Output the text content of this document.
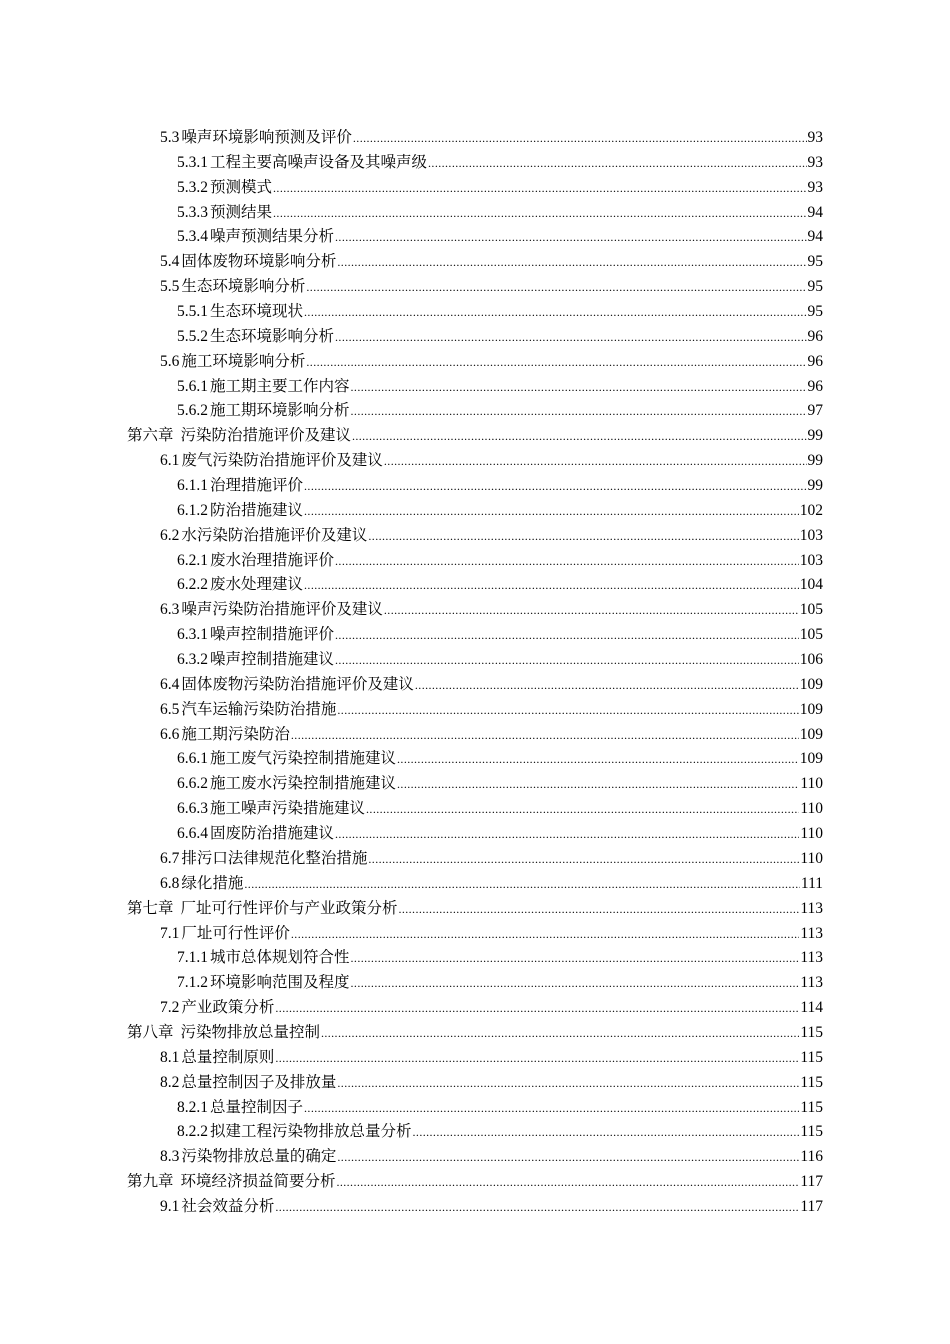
5.3 噪声环境影响预测及评价 .....	93
5.3.1 工程主要高噪声设备及其噪声级 .....	93
5.3.2 预测模式 .....	93
5.3.3 预测结果 .....	94
5.3.4 噪声预测结果分析 .....	94
5.4 固体废物环境影响分析 .....	95
5.5 生态环境影响分析 .....	95
5.5.1 生态环境现状 .....	95
5.5.2 生态环境影响分析 .....	96
5.6 施工环境影响分析 .....	96
5.6.1 施工期主要工作内容 .....	96
5.6.2 施工期环境影响分析 .....	97
第六章 污染防治措施评价及建议 .....	99
6.1 废气污染防治措施评价及建议 .....	99
6.1.1 治理措施评价 .....	99
6.1.2 防治措施建议 .....	102
6.2 水污染防治措施评价及建议 .....	103
6.2.1 废水治理措施评价 .....	103
6.2.2 废水处理建议 .....	104
6.3 噪声污染防治措施评价及建议 .....	105
6.3.1 噪声控制措施评价 .....	105
6.3.2 噪声控制措施建议 .....	106
6.4 固体废物污染防治措施评价及建议 .....	109
6.5 汽车运输污染防治措施 .....	109
6.6 施工期污染防治 .....	109
6.6.1 施工废气污染控制措施建议 .....	109
6.6.2 施工废水污染控制措施建议 .....	110
6.6.3 施工噪声污染措施建议 .....	110
6.6.4 固废防治措施建议 .....	110
6.7 排污口法律规范化整治措施 .....	110
6.8 绿化措施 .....	111
第七章 厂址可行性评价与产业政策分析 .....	113
7.1 厂址可行性评价 .....	113
7.1.1 城市总体规划符合性 .....	113
7.1.2 环境影响范围及程度 .....	113
7.2 产业政策分析 .....	114
第八章 污染物排放总量控制 .....	115
8.1 总量控制原则 .....	115
8.2 总量控制因子及排放量 .....	115
8.2.1 总量控制因子 .....	115
8.2.2 拟建工程污染物排放总量分析 .....	115
8.3 污染物排放总量的确定 .....	116
第九章 环境经济损益简要分析 .....	117
9.1 社会效益分析 .....	117
